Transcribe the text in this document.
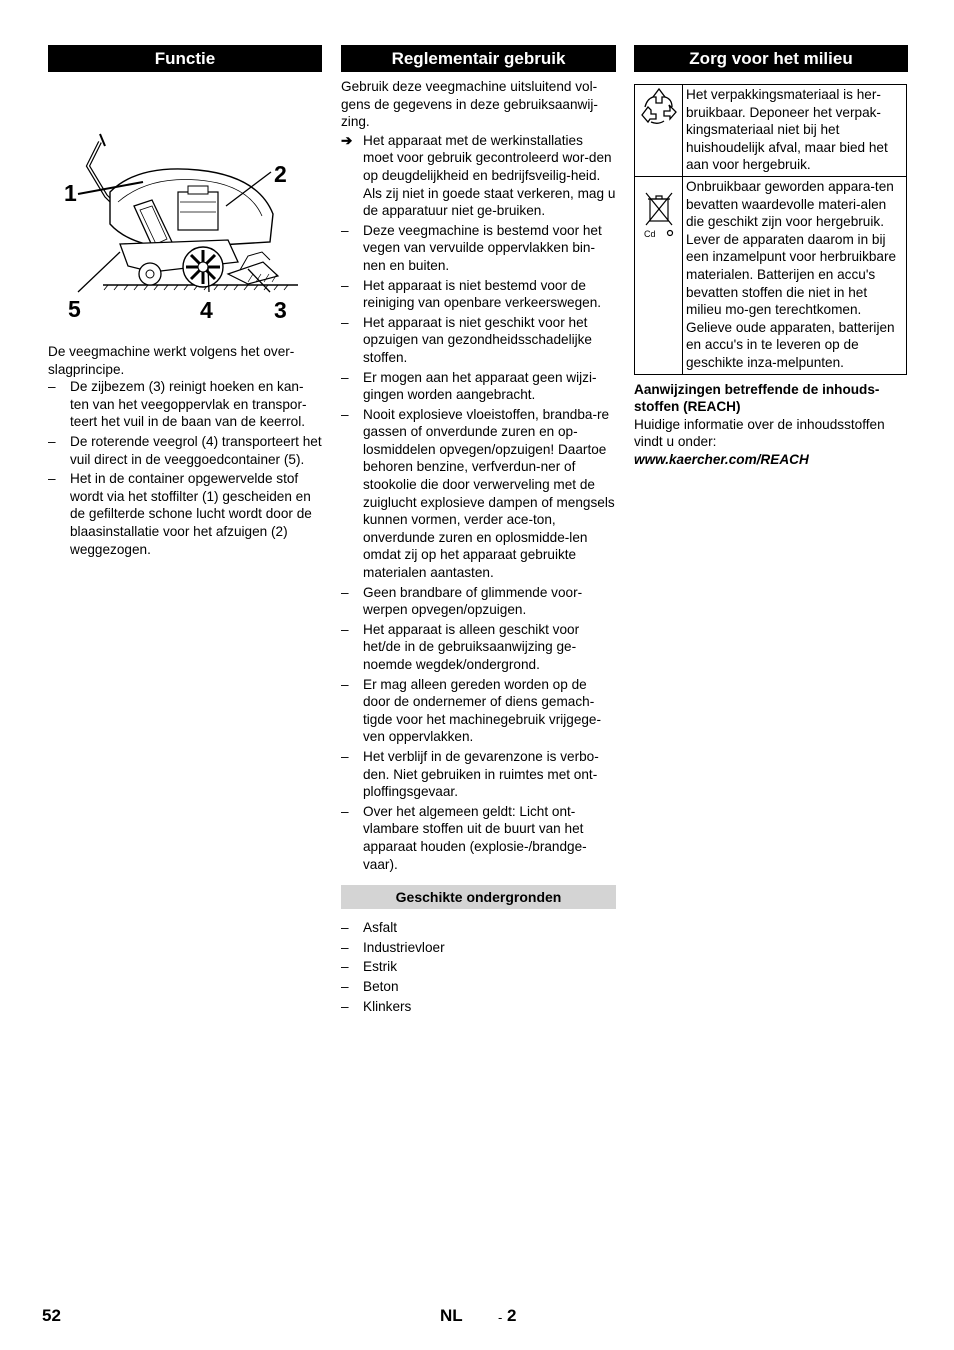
Functie
1
2
5	4	3

De veegmachine werkt volgens het over-slagprincipe.

–	De zijbezem (3) reinigt hoeken en kan-ten van het veegoppervlak en transpor-teert het vuil in de baan van de keerrol.
–	De roterende veegrol (4) transporteert het vuil direct in de veeggoedcontainer (5).
–	Het in de container opgewervelde stof wordt via het stoffilter (1) gescheiden en de gefilterde schone lucht wordt door de blaasinstallatie voor het afzuigen (2) weggezogen.
Reglementair gebruik

Gebruik deze veegmachine uitsluitend vol-gens de gegevens in deze gebruiksaanwij-zing.

➔ Het apparaat met de werkinstallaties moet voor gebruik gecontroleerd wor-den op deugdelijkheid en bedrijfsveilig-heid. Als zij niet in goede staat verkeren, mag u de apparatuur niet ge-bruiken.
–	Deze veegmachine is bestemd voor het vegen van vervuilde oppervlakken bin-nen en buiten.
–	Het apparaat is niet bestemd voor de reiniging van openbare verkeerswegen.
–	Het apparaat is niet geschikt voor het opzuigen van gezondheidsschadelijke stoffen.
–	Er mogen aan het apparaat geen wijzi-gingen worden aangebracht.
–	Nooit explosieve vloeistoffen, brandba-re gassen of onverdunde zuren en op-losmiddelen opvegen/opzuigen! Daartoe behoren benzine, verfverdun-ner of stookolie die door verwerveling met de zuiglucht explosieve dampen of mengsels kunnen vormen, verder ace-ton, onverdunde zuren en oplosmidde-len omdat zij op het apparaat gebruikte materialen aantasten.
–	Geen brandbare of glimmende voor-werpen opvegen/opzuigen.
–	Het apparaat is alleen geschikt voor het/de in de gebruiksaanwijzing ge-noemde wegdek/ondergrond.
–	Er mag alleen gereden worden op de door de ondernemer of diens gemach-tigde voor het machinegebruik vrijgege-ven oppervlakken.
–	Het verblijf in de gevarenzone is verbo-den. Niet gebruiken in ruimtes met ont-ploffingsgevaar.
–	Over het algemeen geldt: Licht ont-vlambare stoffen uit de buurt van het apparaat houden (explosie-/brandge-vaar).
Geschikte ondergronden
–	Asfalt
–	Industrievloer
–	Estrik
–	Beton
–	Klinkers
Zorg voor het milieu
	Het verpakkingsmateriaal is her-bruikbaar. Deponeer het verpak-kingsmateriaal niet bij het huishoudelijk afval, maar bied het aan voor hergebruik.

Cd	Onbruikbaar geworden appara-ten bevatten waardevolle materi-alen die geschikt zijn voor hergebruik. Lever de apparaten daarom in bij een inzamelpunt voor herbruikbare materialen. Batterijen en accu's bevatten stoffen die niet in het milieu mo-gen terechtkomen. Gelieve oude apparaten, batterijen en accu's in te leveren op de geschikte inza-melpunten.

Aanwijzingen betreffende de inhouds-stoffen (REACH)

Huidige informatie over de inhoudsstoffen vindt u onder:

www.kaercher.com/REACH

52	NL	- 2
